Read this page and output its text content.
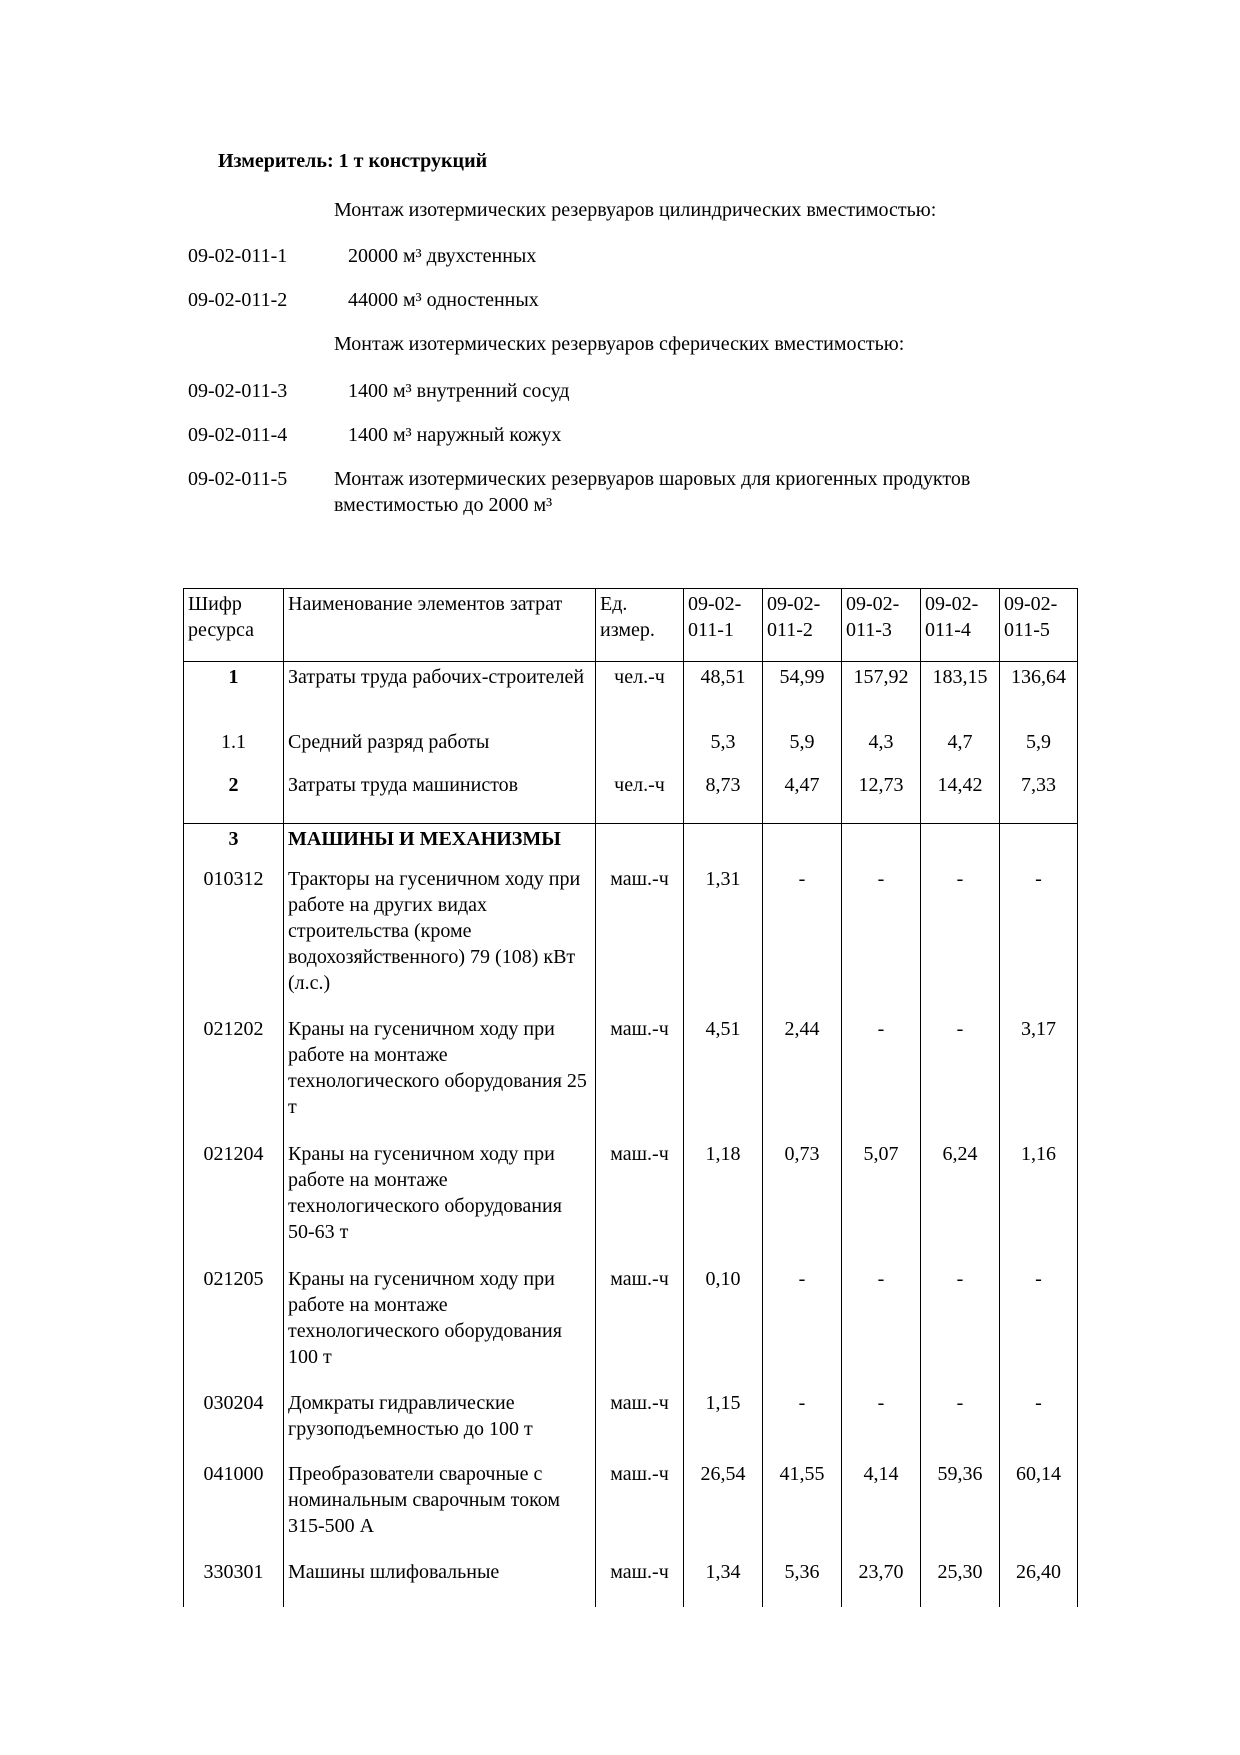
Измеритель: 1 т конструкций
Монтаж изотермических резервуаров цилиндрических вместимостью:
09-02-011-1	20000 м³ двухстенных
09-02-011-2	44000 м³ одностенных
Монтаж изотермических резервуаров сферических вместимостью:
09-02-011-3	1400 м³ внутренний сосуд
09-02-011-4	1400 м³ наружный кожух
09-02-011-5 Монтаж изотермических резервуаров шаровых для криогенных продуктов
вместимостью до 2000 м³
Шифр ресурса	Наименование элементов затрат	Ед. измер.	09-02-011-1	09-02-011-2	09-02-011-3	09-02-011-4	09-02-011-5
1	Затраты труда рабочих-строителей	чел.-ч	48,51	54,99	157,92	183,15	136,64
1.1	Средний разряд работы		5,3	5,9	4,3	4,7	5,9
2	Затраты труда машинистов	чел.-ч	8,73	4,47	12,73	14,42	7,33
3	МАШИНЫ И МЕХАНИЗМЫ						
010312	Тракторы на гусеничном ходу при работе на других видах строительства (кроме водохозяйственного) 79 (108) кВт (л.с.)	маш.-ч	1,31	-	-	-	-
021202	Краны на гусеничном ходу при работе на монтаже технологического оборудования 25 т	маш.-ч	4,51	2,44	-	-	3,17
021204	Краны на гусеничном ходу при работе на монтаже технологического оборудования 50-63 т	маш.-ч	1,18	0,73	5,07	6,24	1,16
021205	Краны на гусеничном ходу при работе на монтаже технологического оборудования 100 т	маш.-ч	0,10	-	-	-	-
030204	Домкраты гидравлические грузоподъемностью до 100 т	маш.-ч	1,15	-	-	-	-
041000	Преобразователи сварочные с номинальным сварочным током 315-500 А	маш.-ч	26,54	41,55	4,14	59,36	60,14
330301	Машины шлифовальные	маш.-ч	1,34	5,36	23,70	25,30	26,40
